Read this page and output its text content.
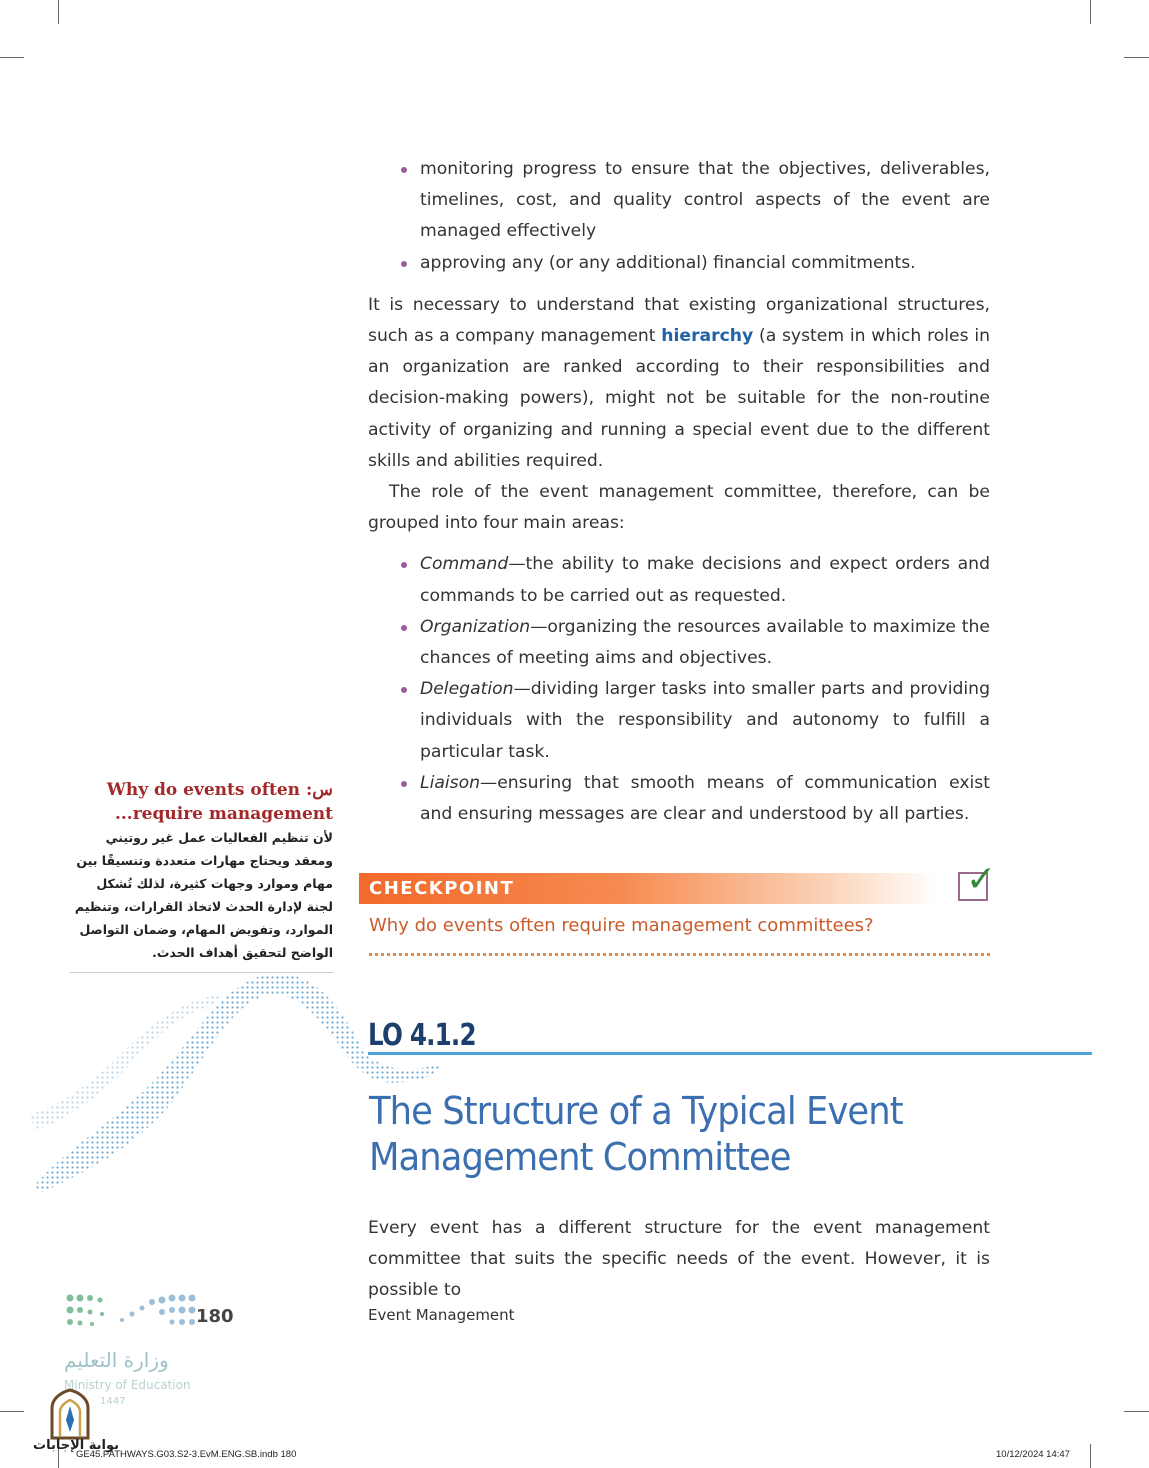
monitoring progress to ensure that the objectives, deliverables, timelines, cost, and quality control aspects of the event are managed effectively
approving any (or any additional) financial commitments.

It is necessary to understand that existing organizational structures, such as a company management hierarchy (a system in which roles in an organization are ranked according to their responsibilities and decision-making powers), might not be suitable for the non-routine activity of organizing and running a special event due to the different skills and abilities required.

The role of the event management committee, therefore, can be grouped into four main areas:

Command—the ability to make decisions and expect orders and commands to be carried out as requested.
Organization—organizing the resources available to maximize the chances of meeting aims and objectives.
Delegation—dividing larger tasks into smaller parts and providing individuals with the responsibility and autonomy to fulfill a particular task.
Liaison—ensuring that smooth means of communication exist and ensuring messages are clear and understood by all parties.
Why do events often :س
...require management
لأن تنظيم الفعاليات عمل غير روتيني ومعقد ويحتاج مهارات متعددة وتنسيقًا بين مهام وموارد وجهات كثيرة، لذلك تُشكل لجنة لإدارة الحدث لاتخاذ القرارات، وتنظيم الموارد، وتفويض المهام، وضمان التواصل الواضح لتحقيق أهداف الحدث.
CHECKPOINT	✓
Why do events often require management committees?
LO 4.1.2
The Structure of a Typical Event
Management Committee

Every event has a different structure for the event management committee that suits the specific needs of the event. However, it is possible to

180	Event Management
وزارة التعليم
Ministry of Education
1447
بوابة الإجابات
GE45.PATHWAYS.G03.S2-3.EvM.ENG.SB.indb 180	10/12/2024 14:47
